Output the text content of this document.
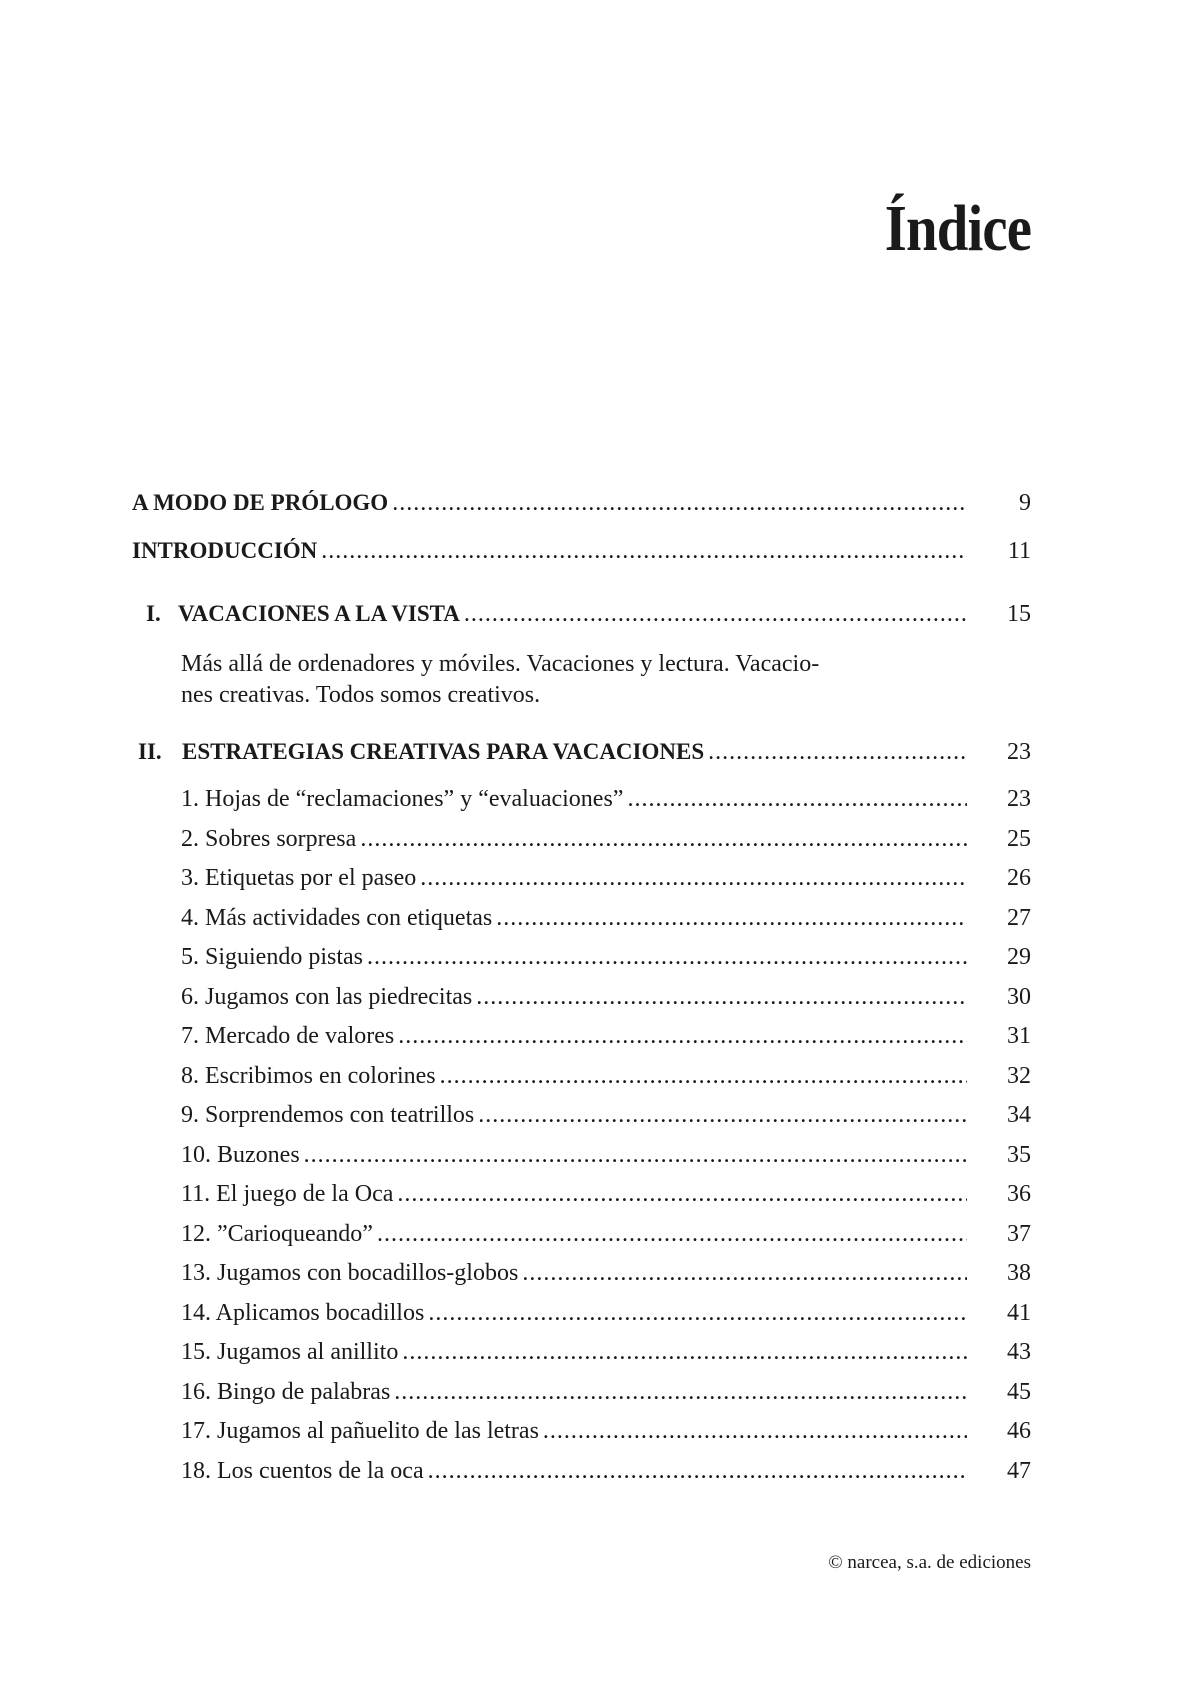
Índice
A MODO DE PRÓLOGO .....	9
INTRODUCCIÓN .....	11
I. VACACIONES A LA VISTA .....	15

Más allá de ordenadores y móviles. Vacaciones y lectura. Vacacio-
nes creativas. Todos somos creativos.

II. ESTRATEGIAS CREATIVAS PARA VACACIONES .....	23
1. Hojas de “reclamaciones” y “evaluaciones” .....	23
2. Sobres sorpresa .....	25
3. Etiquetas por el paseo .....	26
4. Más actividades con etiquetas .....	27
5. Siguiendo pistas .....	29
6. Jugamos con las piedrecitas .....	30
7. Mercado de valores .....	31
8. Escribimos en colorines .....	32
9. Sorprendemos con teatrillos .....	34
10. Buzones .....	35
11. El juego de la Oca .....	36
12. ”Carioqueando” .....	37
13. Jugamos con bocadillos-globos .....	38
14. Aplicamos bocadillos .....	41
15. Jugamos al anillito .....	43
16. Bingo de palabras .....	45
17. Jugamos al pañuelito de las letras .....	46
18. Los cuentos de la oca .....	47
© narcea, s.a. de ediciones
